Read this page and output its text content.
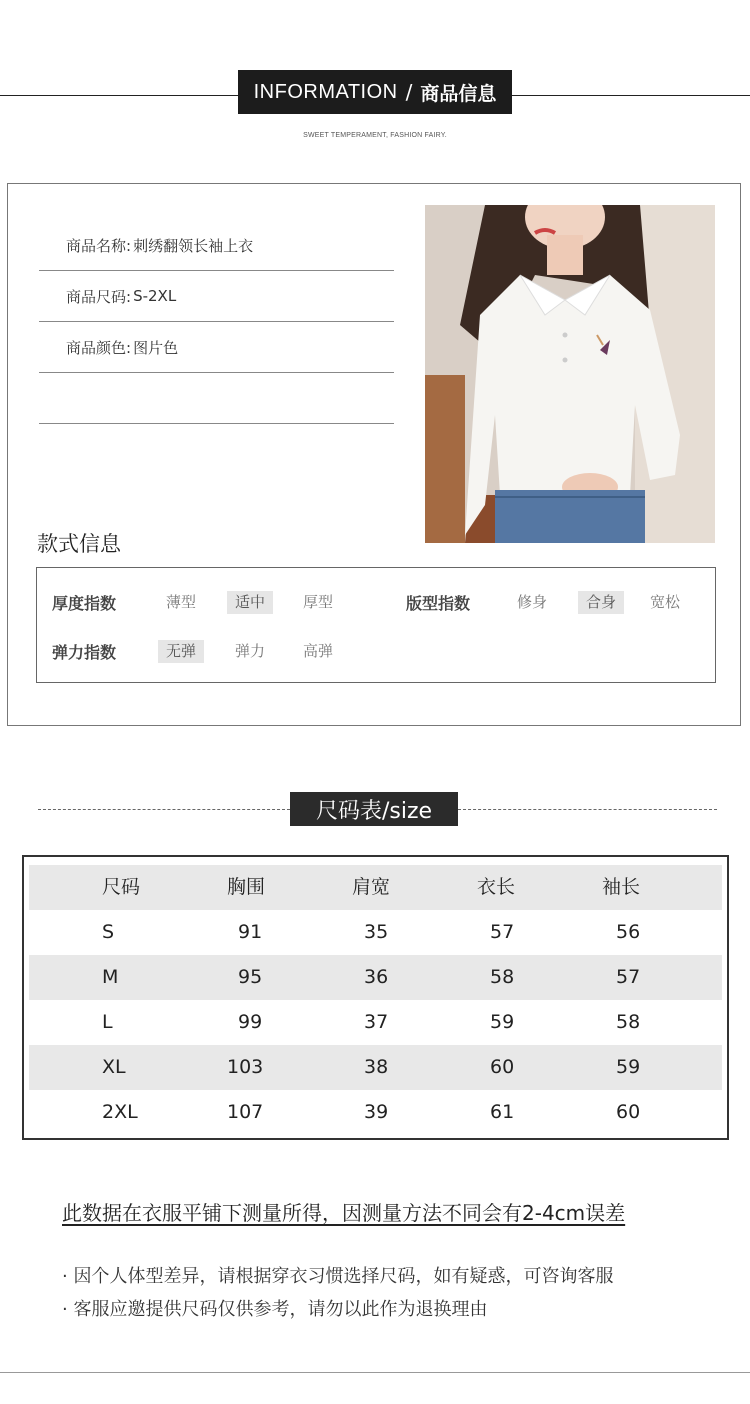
INFORMATION / 商品信息
SWEET TEMPERAMENT, FASHION FAIRY.
商品名称: 刺绣翻领长袖上衣
商品尺码: S-2XL
商品颜色: 图片色
款式信息
厚度指数	薄型	适中	厚型	版型指数	修身	合身	宽松
弹力指数	无弹	弹力	高弹
尺码表/size
尺码	胸围	肩宽	衣长	袖长
S	91	35	57	56
M	95	36	58	57
L	99	37	59	58
XL	103	38	60	59
2XL	107	39	61	60
此数据在衣服平铺下测量所得，因测量方法不同会有2-4cm误差
· 因个人体型差异，请根据穿衣习惯选择尺码，如有疑惑，可咨询客服
· 客服应邀提供尺码仅供参考，请勿以此作为退换理由
